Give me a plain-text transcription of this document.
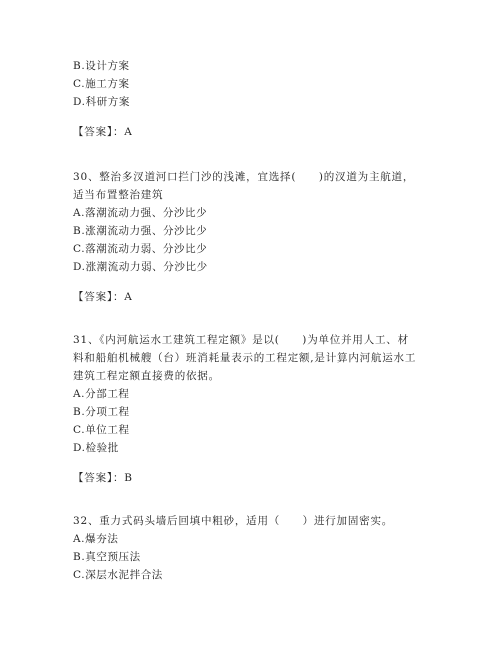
B.设计方案
C.施工方案
D.科研方案
【答案】：A
30、整治多汊道河口拦门沙的浅滩，宜选择(　　)的汊道为主航道，
适当布置整治建筑
A.落潮流动力强、分沙比少
B.涨潮流动力强、分沙比少
C.落潮流动力弱、分沙比少
D.涨潮流动力弱、分沙比少
【答案】：A
31、《内河航运水工建筑工程定额》是以(　　)为单位并用人工、材
料和船舶机械艘（台）班消耗量表示的工程定额,是计算内河航运水工
建筑工程定额直接费的依据。
A.分部工程
B.分项工程
C.单位工程
D.检验批
【答案】：B
32、重力式码头墙后回填中粗砂，适用（　　）进行加固密实。
A.爆夯法
B.真空预压法
C.深层水泥拌合法
